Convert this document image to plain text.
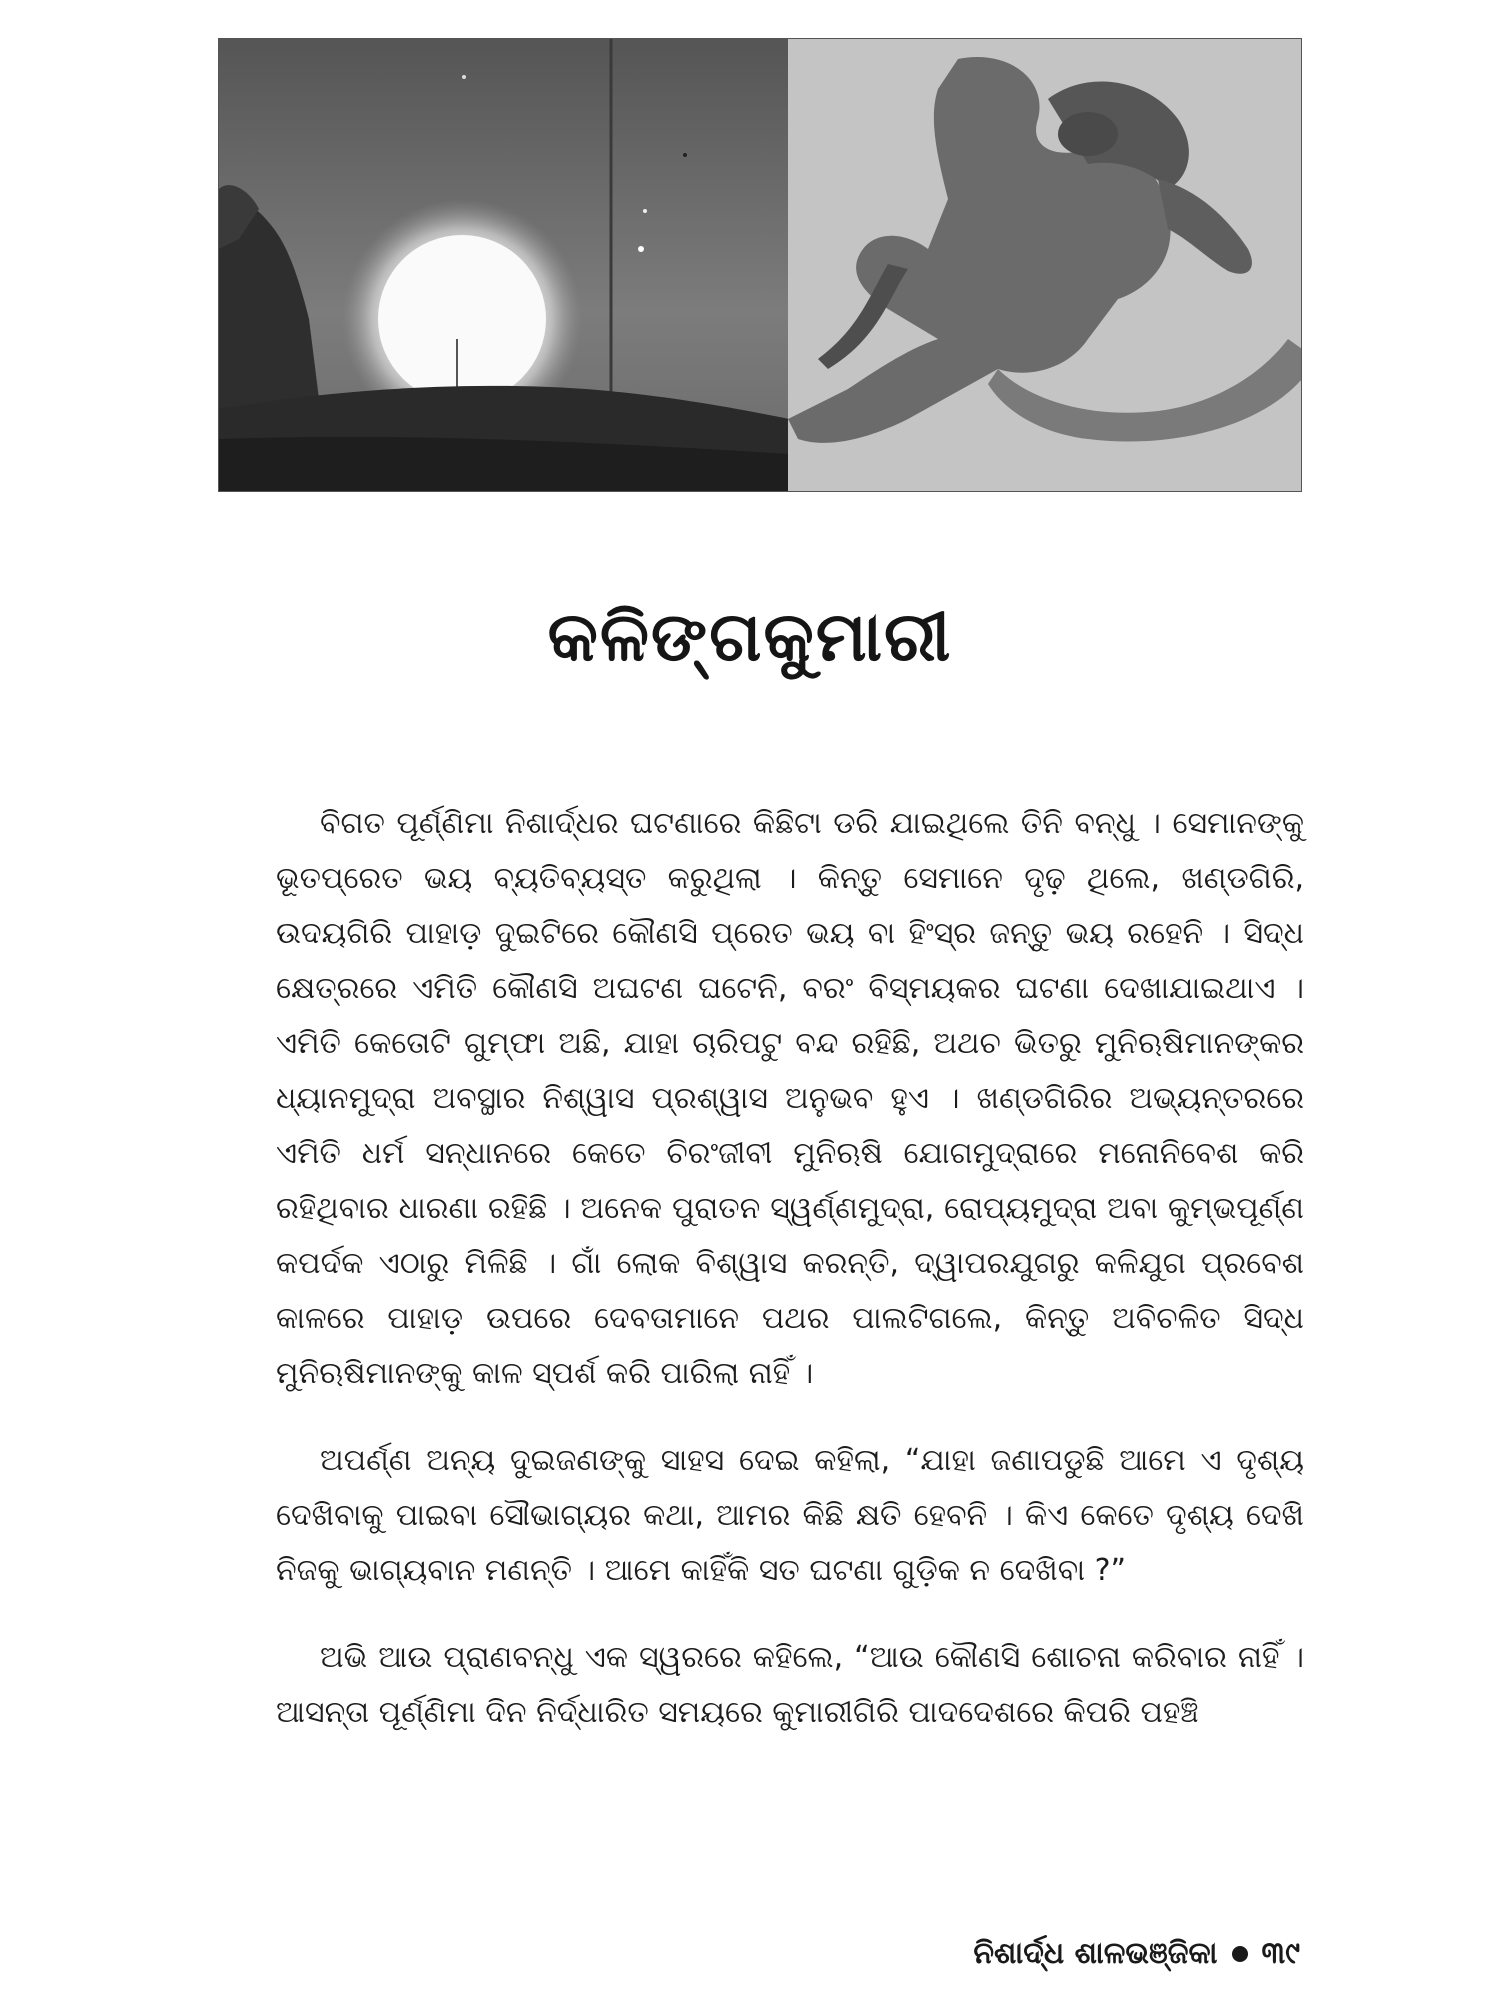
କଳିଙ୍ଗକୁମାରୀ

ବିଗତ ପୂର୍ଣ୍ଣିମା ନିଶାର୍ଦ୍ଧର ଘଟଣାରେ କିଛିଟା ଡରି ଯାଇଥିଲେ ତିନି ବନ୍ଧୁ । ସେମାନଙ୍କୁ ଭୂତପ୍ରେତ ଭୟ ବ୍ୟତିବ୍ୟସ୍ତ କରୁଥିଲା । କିନ୍ତୁ ସେମାନେ ଦୃଢ଼ ଥିଲେ, ଖଣ୍ଡଗିରି, ଉଦୟଗିରି ପାହାଡ଼ ଦୁଇଟିରେ କୌଣସି ପ୍ରେତ ଭୟ ବା ହିଂସ୍ର ଜନ୍ତୁ ଭୟ ରହେନି । ସିଦ୍ଧ କ୍ଷେତ୍ରରେ ଏମିତି କୌଣସି ଅଘଟଣ ଘଟେନି, ବରଂ ବିସ୍ମୟକର ଘଟଣା ଦେଖାଯାଇଥାଏ । ଏମିତି କେତୋଟି ଗୁମ୍ଫା ଅଛି, ଯାହା ଚାରିପଟୁ ବନ୍ଦ ରହିଛି, ଅଥଚ ଭିତରୁ ମୁନିଋଷିମାନଙ୍କର ଧ୍ୟାନମୁଦ୍ରା ଅବସ୍ଥାର ନିଶ୍ୱାସ ପ୍ରଶ୍ୱାସ ଅନୁଭବ ହୁଏ । ଖଣ୍ଡଗିରିର ଅଭ୍ୟନ୍ତରରେ ଏମିତି ଧର୍ମ ସନ୍ଧାନରେ କେତେ ଚିରଂଜୀବୀ ମୁନିଋଷି ଯୋଗମୁଦ୍ରାରେ ମନୋନିବେଶ କରି ରହିଥିବାର ଧାରଣା ରହିଛି । ଅନେକ ପୁରାତନ ସ୍ୱର୍ଣ୍ଣମୁଦ୍ରା, ରୋପ୍ୟମୁଦ୍ରା ଅବା କୁମ୍ଭପୂର୍ଣ୍ଣ କପର୍ଦକ ଏଠାରୁ ମିଳିଛି । ଗାଁ ଲୋକ ବିଶ୍ୱାସ କରନ୍ତି, ଦ୍ୱାପରଯୁଗରୁ କଳିଯୁଗ ପ୍ରବେଶ କାଳରେ ପାହାଡ଼ ଉପରେ ଦେବତାମାନେ ପଥର ପାଲଟିଗଲେ, କିନ୍ତୁ ଅବିଚଳିତ ସିଦ୍ଧ ମୁନିଋଷିମାନଙ୍କୁ କାଳ ସ୍ପର୍ଶ କରି ପାରିଲା ନାହିଁ ।

ଅପର୍ଣ୍ଣ ଅନ୍ୟ ଦୁଇଜଣଙ୍କୁ ସାହସ ଦେଇ କହିଲା, “ଯାହା ଜଣାପଡୁଛି ଆମେ ଏ ଦୃଶ୍ୟ ଦେଖିବାକୁ ପାଇବା ସୌଭାଗ୍ୟର କଥା, ଆମର କିଛି କ୍ଷତି ହେବନି । କିଏ କେତେ ଦୃଶ୍ୟ ଦେଖି ନିଜକୁ ଭାଗ୍ୟବାନ ମଣନ୍ତି । ଆମେ କାହିଁକି ସତ ଘଟଣା ଗୁଡ଼ିକ ନ ଦେଖିବା ?”

ଅଭି ଆଉ ପ୍ରାଣବନ୍ଧୁ ଏକ ସ୍ୱରରେ କହିଲେ, “ଆଉ କୌଣସି ଶୋଚନା କରିବାର ନାହିଁ । ଆସନ୍ତା ପୂର୍ଣ୍ଣିମା ଦିନ ନିର୍ଦ୍ଧାରିତ ସମୟରେ କୁମାରୀଗିରି ପାଦଦେଶରେ କିପରି ପହଞ୍ଚି

ନିଶାର୍ଦ୍ଧ ଶାଳଭଞ୍ଜିକା ୩୯
